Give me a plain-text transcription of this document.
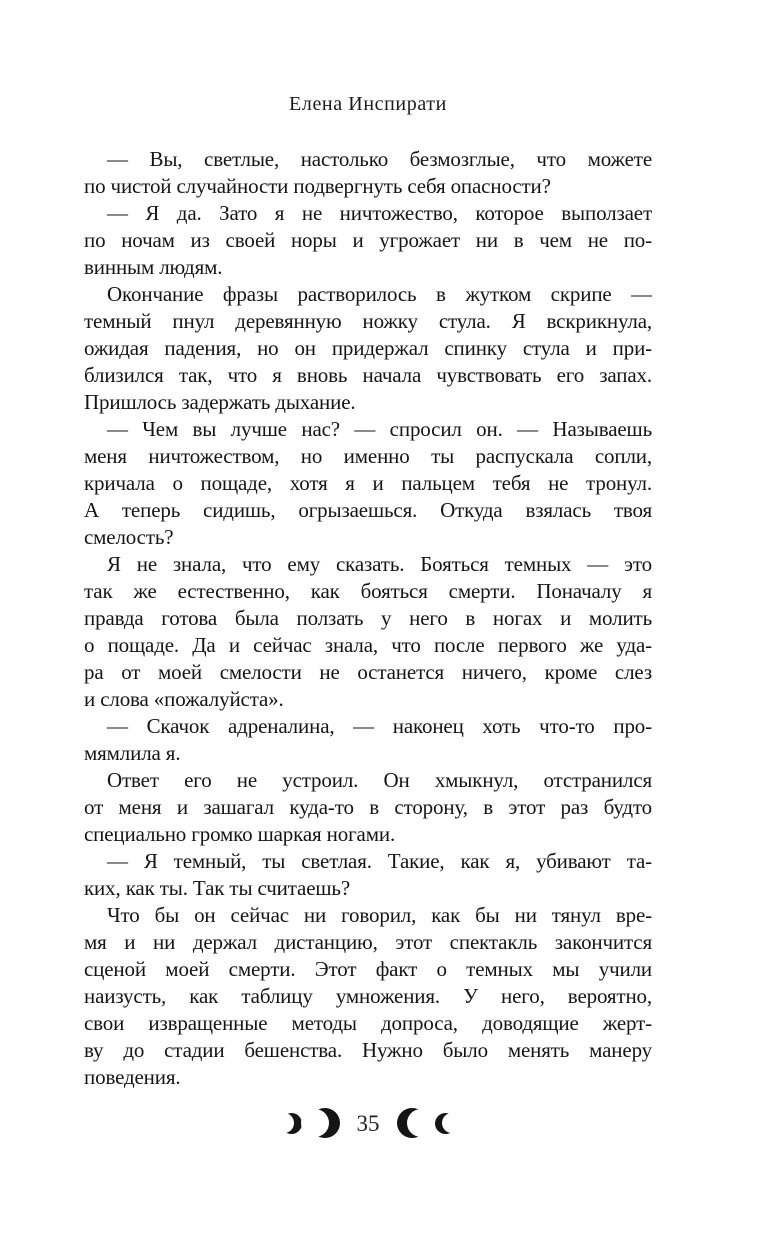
Елена Инспирати
— Вы, светлые, настолько безмозглые, что можете
по чистой случайности подвергнуть себя опасности?
— Я да. Зато я не ничтожество, которое выползает
по ночам из своей норы и угрожает ни в чем не по-
винным людям.
Окончание фразы растворилось в жутком скрипе —
темный пнул деревянную ножку стула. Я вскрикнула,
ожидая падения, но он придержал спинку стула и при-
близился так, что я вновь начала чувствовать его запах.
Пришлось задержать дыхание.
— Чем вы лучше нас? — спросил он. — Называешь
меня ничтожеством, но именно ты распускала сопли,
кричала о пощаде, хотя я и пальцем тебя не тронул.
А теперь сидишь, огрызаешься. Откуда взялась твоя
смелость?
Я не знала, что ему сказать. Бояться темных — это
так же естественно, как бояться смерти. Поначалу я
правда готова была ползать у него в ногах и молить
о пощаде. Да и сейчас знала, что после первого же уда-
ра от моей смелости не останется ничего, кроме слез
и слова «пожалуйста».
— Скачок адреналина, — наконец хоть что-то про-
мямлила я.
Ответ его не устроил. Он хмыкнул, отстранился
от меня и зашагал куда-то в сторону, в этот раз будто
специально громко шаркая ногами.
— Я темный, ты светлая. Такие, как я, убивают та-
ких, как ты. Так ты считаешь?
Что бы он сейчас ни говорил, как бы ни тянул вре-
мя и ни держал дистанцию, этот спектакль закончится
сценой моей смерти. Этот факт о темных мы учили
наизусть, как таблицу умножения. У него, вероятно,
свои извращенные методы допроса, доводящие жерт-
ву до стадии бешенства. Нужно было менять манеру
поведения.
35
